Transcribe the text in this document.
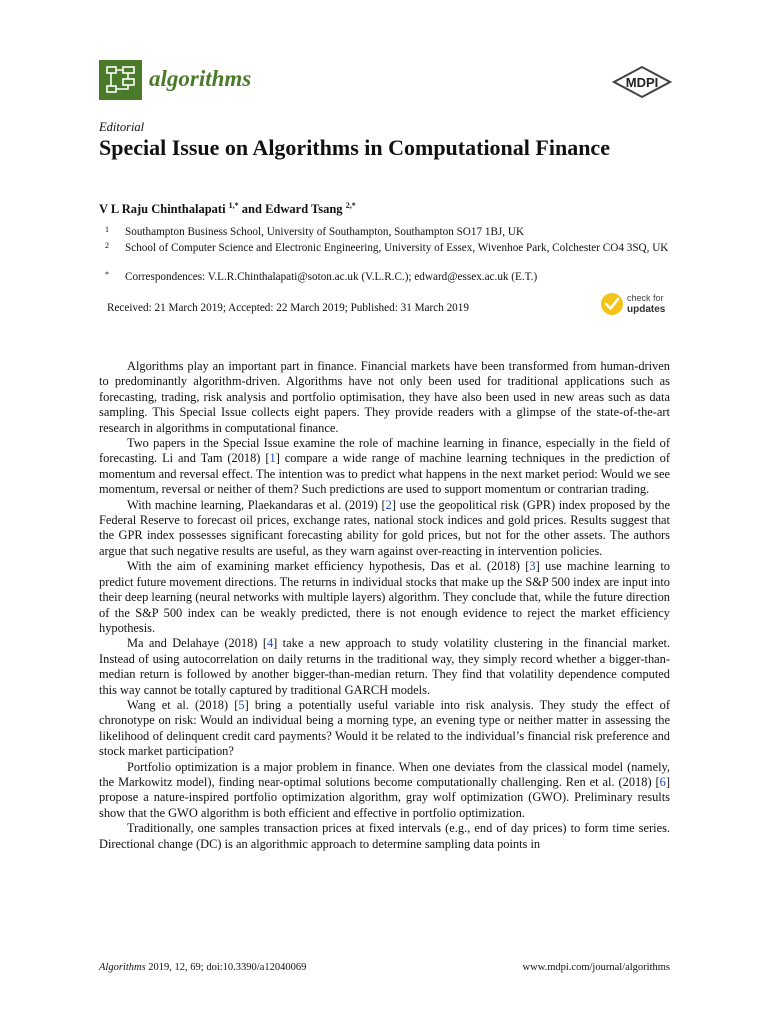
algorithms	MDPI
Editorial
Special Issue on Algorithms in Computational Finance
V L Raju Chinthalapati $^{1,*}$ and Edward Tsang $^{2,*}$
1 Southampton Business School, University of Southampton, Southampton SO17 1BJ, UK
2 School of Computer Science and Electronic Engineering, University of Essex, Wivenhoe Park, Colchester CO4 3SQ, UK
* Correspondences: V.L.R.Chinthalapati@soton.ac.uk (V.L.R.C.); edward@essex.ac.uk (E.T.)
Received: 21 March 2019; Accepted: 22 March 2019; Published: 31 March 2019
check for
updates

Algorithms play an important part in finance. Financial markets have been transformed from human-driven to predominantly algorithm-driven. Algorithms have not only been used for traditional applications such as forecasting, trading, risk analysis and portfolio optimisation, they have also been used in new areas such as data sampling. This Special Issue collects eight papers. They provide readers with a glimpse of the state-of-the-art research in algorithms in computational finance.

Two papers in the Special Issue examine the role of machine learning in finance, especially in the field of forecasting. Li and Tam (2018) [1] compare a wide range of machine learning techniques in the prediction of momentum and reversal effect. The intention was to predict what happens in the next market period: Would we see momentum, reversal or neither of them? Such predictions are used to support momentum or contrarian trading.

With machine learning, Plaekandaras et al. (2019) [2] use the geopolitical risk (GPR) index proposed by the Federal Reserve to forecast oil prices, exchange rates, national stock indices and gold prices. Results suggest that the GPR index possesses significant forecasting ability for gold prices, but not for the other assets. The authors argue that such negative results are useful, as they warn against over-reacting in intervention policies.

With the aim of examining market efficiency hypothesis, Das et al. (2018) [3] use machine learning to predict future movement directions. The returns in individual stocks that make up the S&P 500 index are input into their deep learning (neural networks with multiple layers) algorithm. They conclude that, while the future direction of the S&P 500 index can be weakly predicted, there is not enough evidence to reject the market efficiency hypothesis.

Ma and Delahaye (2018) [4] take a new approach to study volatility clustering in the financial market. Instead of using autocorrelation on daily returns in the traditional way, they simply record whether a bigger-than-median return is followed by another bigger-than-median return. They find that volatility dependence computed this way cannot be totally captured by traditional GARCH models.

Wang et al. (2018) [5] bring a potentially useful variable into risk analysis. They study the effect of chronotype on risk: Would an individual being a morning type, an evening type or neither matter in assessing the likelihood of delinquent credit card payments? Would it be related to the individual’s financial risk preference and stock market participation?

Portfolio optimization is a major problem in finance. When one deviates from the classical model (namely, the Markowitz model), finding near-optimal solutions become computationally challenging. Ren et al. (2018) [6] propose a nature-inspired portfolio optimization algorithm, gray wolf optimization (GWO). Preliminary results show that the GWO algorithm is both efficient and effective in portfolio optimization.

Traditionally, one samples transaction prices at fixed intervals (e.g., end of day prices) to form time series. Directional change (DC) is an algorithmic approach to determine sampling data points in

Algorithms 2019, 12, 69; doi:10.3390/a12040069	www.mdpi.com/journal/algorithms
